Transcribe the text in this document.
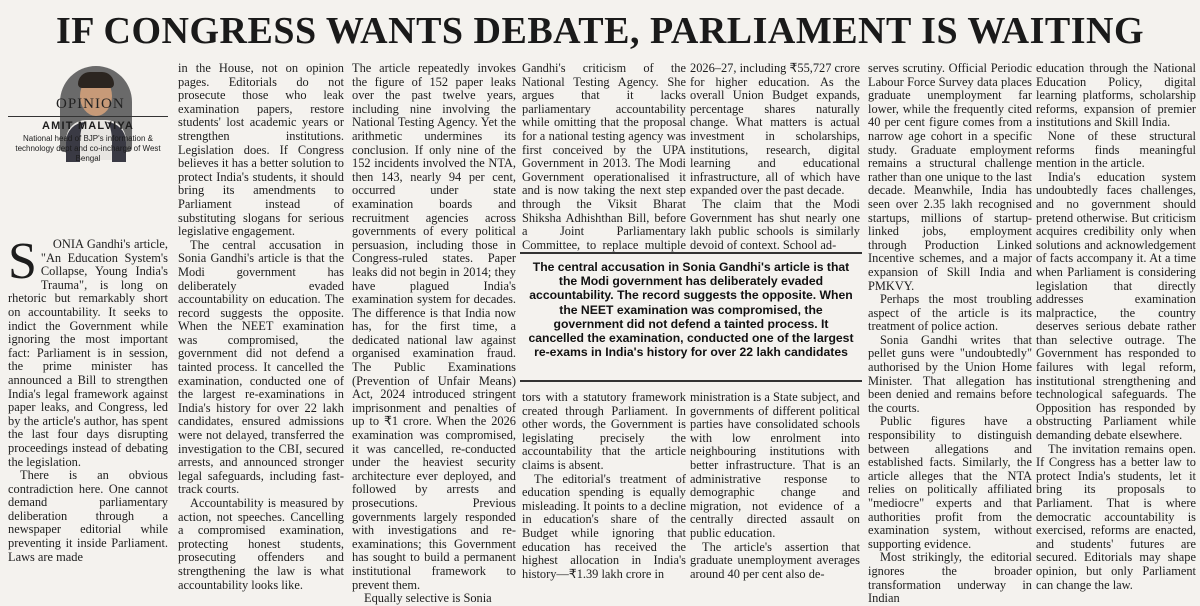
IF CONGRESS WANTS DEBATE, PARLIAMENT IS WAITING
OPINION
AMIT MALVIYA
National head of BJP's information & technology dept and co-incharge of West Bengal
S	ONIA Gandhi's article, "An Education System's Collapse, Young India's Trauma", is long on rhetoric but remarkably short on accountability. It seeks to indict the Government while ignoring the most important fact: Parliament is in session, the prime minister has announced a Bill to strengthen India's legal framework against paper leaks, and Congress, led by the article's author, has spent the last four days disrupting proceedings instead of debating the legislation.

There is an obvious contradiction here. One cannot demand parliamentary deliberation through a newspaper editorial while preventing it inside Parliament. Laws are made

in the House, not on opinion pages. Editorials do not prosecute those who leak examination papers, restore students' lost academic years or strengthen institutions. Legislation does. If Congress believes it has a better solution to protect India's students, it should bring its amendments to Parliament instead of substituting slogans for serious legislative engagement.

The central accusation in Sonia Gandhi's article is that the Modi government has deliberately evaded accountability on education. The record suggests the opposite. When the NEET examination was compromised, the government did not defend a tainted process. It cancelled the examination, conducted one of the largest re-examinations in India's history for over 22 lakh candidates, ensured admissions were not delayed, transferred the investigation to the CBI, secured arrests, and announced stronger legal safeguards, including fast-track courts.

Accountability is measured by action, not speeches. Cancelling a compromised examination, protecting honest students, prosecuting offenders and strengthening the law is what accountability looks like.

The article repeatedly invokes the figure of 152 paper leaks over the past twelve years, including nine involving the National Testing Agency. Yet the arithmetic undermines its conclusion. If only nine of the 152 incidents involved the NTA, then 143, nearly 94 per cent, occurred under state examination boards and recruitment agencies across governments of every political persuasion, including those in Congress-ruled states. Paper leaks did not begin in 2014; they have plagued India's examination system for decades. The difference is that India now has, for the first time, a dedicated national law against organised examination fraud. The Public Examinations (Prevention of Unfair Means) Act, 2024 introduced stringent imprisonment and penalties of up to ₹1 crore. When the 2026 examination was compromised, it was cancelled, re-conducted under the heaviest security architecture ever deployed, and followed by arrests and prosecutions. Previous governments largely responded with investigations and re-examinations; this Government has sought to build a permanent institutional framework to prevent them.

Equally selective is Sonia

Gandhi's criticism of the National Testing Agency. She argues that it lacks parliamentary accountability while omitting that the proposal for a national testing agency was first conceived by the UPA Government in 2013. The Modi Government operationalised it and is now taking the next step through the Viksit Bharat Shiksha Adhishthan Bill, before a Joint Parliamentary Committee, to replace multiple

2026–27, including ₹55,727 crore for higher education. As the overall Union Budget expands, percentage shares naturally change. What matters is actual investment in scholarships, institutions, research, digital learning and educational infrastructure, all of which have expanded over the past decade.

The claim that the Modi Government has shut nearly one lakh public schools is similarly devoid of context. School ad-

The central accusation in Sonia Gandhi's article is that the Modi government has deliberately evaded accountability. The record suggests the opposite. When the NEET examination was compromised, the government did not defend a tainted process. It cancelled the examination, conducted one of the largest re-exams in India's history for over 22 lakh candidates

tors with a statutory framework created through Parliament. In other words, the Government is legislating precisely the accountability that the article claims is absent.

The editorial's treatment of education spending is equally misleading. It points to a decline in education's share of the Budget while ignoring that education has received the highest allocation in India's history—₹1.39 lakh crore in

ministration is a State subject, and governments of different political parties have consolidated schools with low enrolment into neighbouring institutions with better infrastructure. That is an administrative response to demographic change and migration, not evidence of a centrally directed assault on public education.

The article's assertion that graduate unemployment averages around 40 per cent also de-

serves scrutiny. Official Periodic Labour Force Survey data places graduate unemployment far lower, while the frequently cited 40 per cent figure comes from a narrow age cohort in a specific study. Graduate employment remains a structural challenge rather than one unique to the last decade. Meanwhile, India has seen over 2.35 lakh recognised startups, millions of startup-linked jobs, employment through Production Linked Incentive schemes, and a major expansion of Skill India and PMKVY.

Perhaps the most troubling aspect of the article is its treatment of police action.

Sonia Gandhi writes that pellet guns were "undoubtedly" authorised by the Union Home Minister. That allegation has been denied and remains before the courts.

Public figures have a responsibility to distinguish between allegations and established facts. Similarly, the article alleges that the NTA relies on politically affiliated "mediocre" experts and that authorities profit from the examination system, without supporting evidence.

Most strikingly, the editorial ignores the broader transformation underway in Indian

education through the National Education Policy, digital learning platforms, scholarship reforms, expansion of premier institutions and Skill India.

None of these structural reforms finds meaningful mention in the article.

India's education system undoubtedly faces challenges, and no government should pretend otherwise. But criticism acquires credibility only when solutions and acknowledgement of facts accompany it. At a time when Parliament is considering legislation that directly addresses examination malpractice, the country deserves serious debate rather than selective outrage. The Government has responded to failures with legal reform, institutional strengthening and technological safeguards. The Opposition has responded by obstructing Parliament while demanding debate elsewhere.

The invitation remains open. If Congress has a better law to protect India's students, let it bring its proposals to Parliament. That is where democratic accountability is exercised, reforms are enacted, and students' futures are secured. Editorials may shape opinion, but only Parliament can change the law.
